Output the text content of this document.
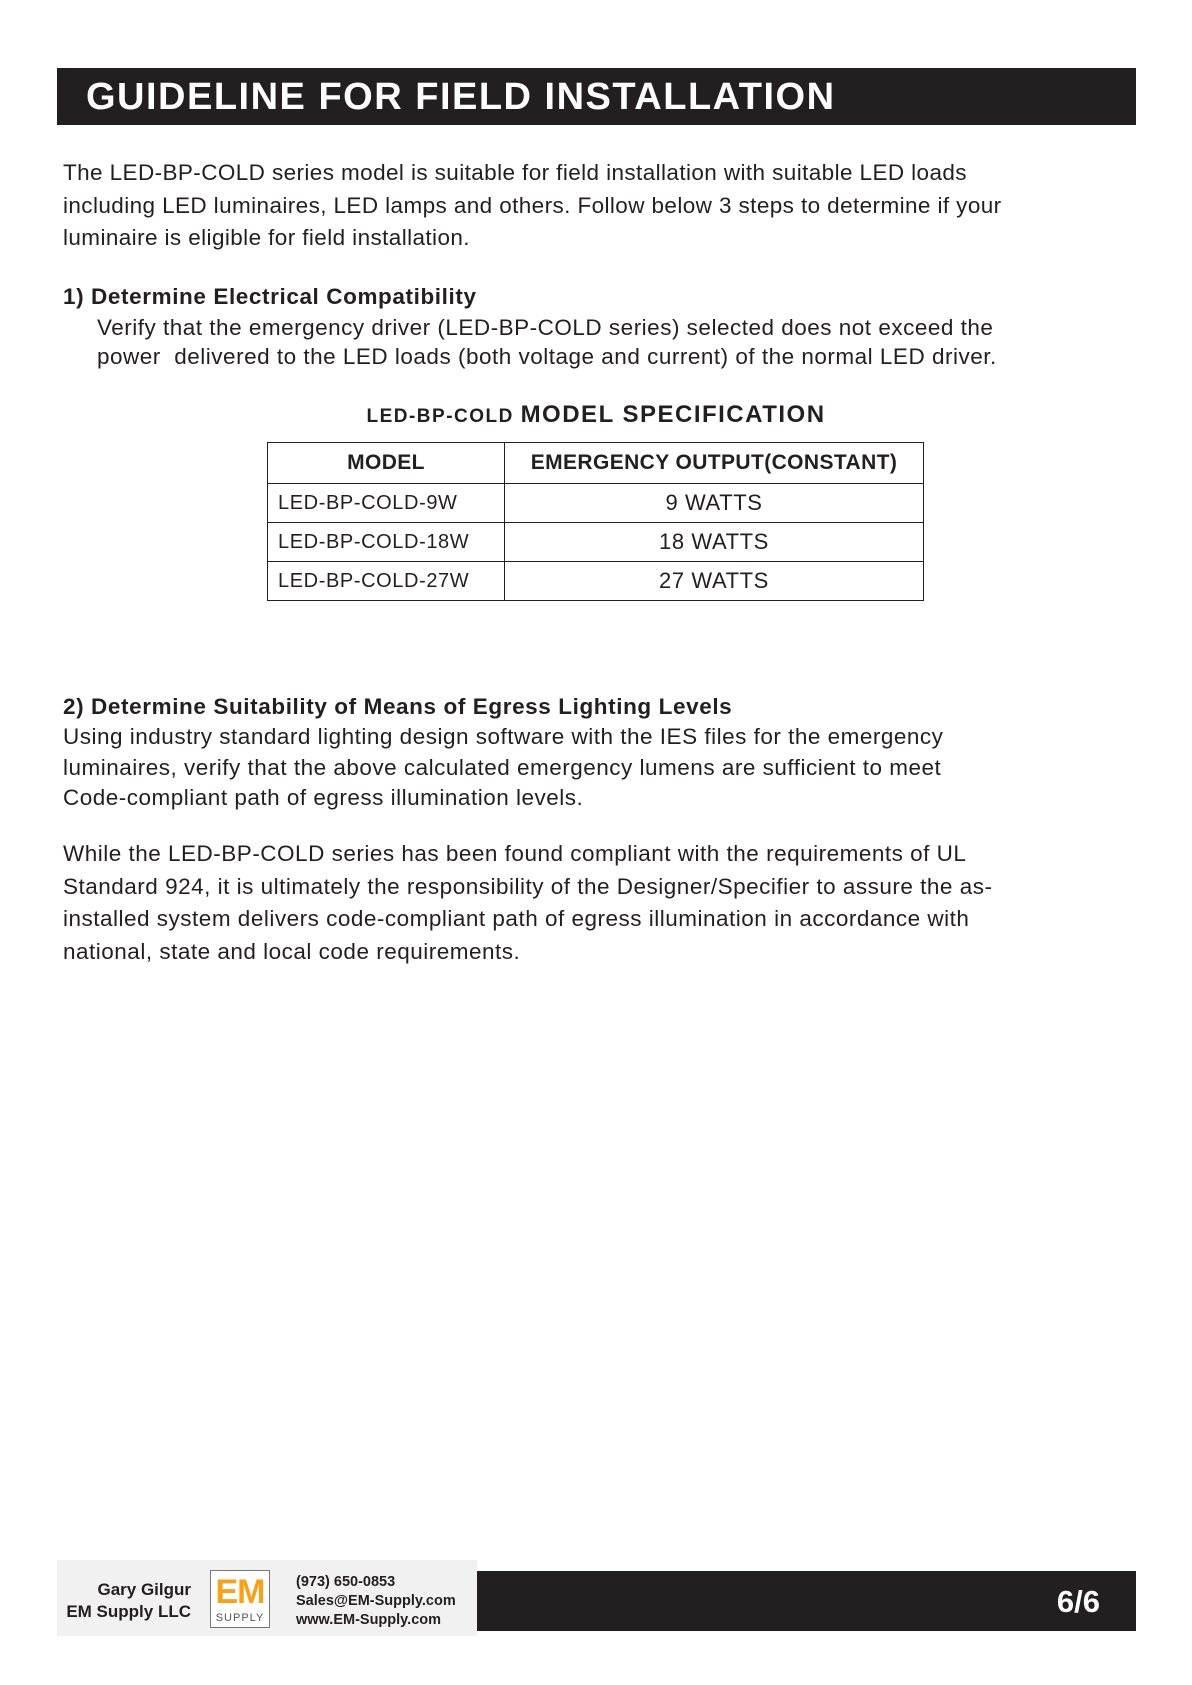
GUIDELINE FOR FIELD INSTALLATION

The LED-BP-COLD series model is suitable for field installation with suitable LED loads
including LED luminaires, LED lamps and others. Follow below 3 steps to determine if your
luminaire is eligible for field installation.

1) Determine Electrical Compatibility

Verify that the emergency driver (LED-BP-COLD series) selected does not exceed the
power  delivered to the LED loads (both voltage and current) of the normal LED driver.

LED-BP-COLD MODEL SPECIFICATION
MODEL	EMERGENCY OUTPUT(CONSTANT)
LED-BP-COLD-9W	9 WATTS
LED-BP-COLD-18W	18 WATTS
LED-BP-COLD-27W	27 WATTS
2) Determine Suitability of Means of Egress Lighting Levels

Using industry standard lighting design software with the IES files for the emergency
luminaires, verify that the above calculated emergency lumens are sufficient to meet
Code-compliant path of egress illumination levels.

While the LED-BP-COLD series has been found compliant with the requirements of UL
Standard 924, it is ultimately the responsibility of the Designer/Specifier to assure the as-
installed system delivers code-compliant path of egress illumination in accordance with
national, state and local code requirements.

Gary Gilgur
EM Supply LLC
EM
SUPPLY
(973) 650-0853
Sales@EM-Supply.com
www.EM-Supply.com
6/6
